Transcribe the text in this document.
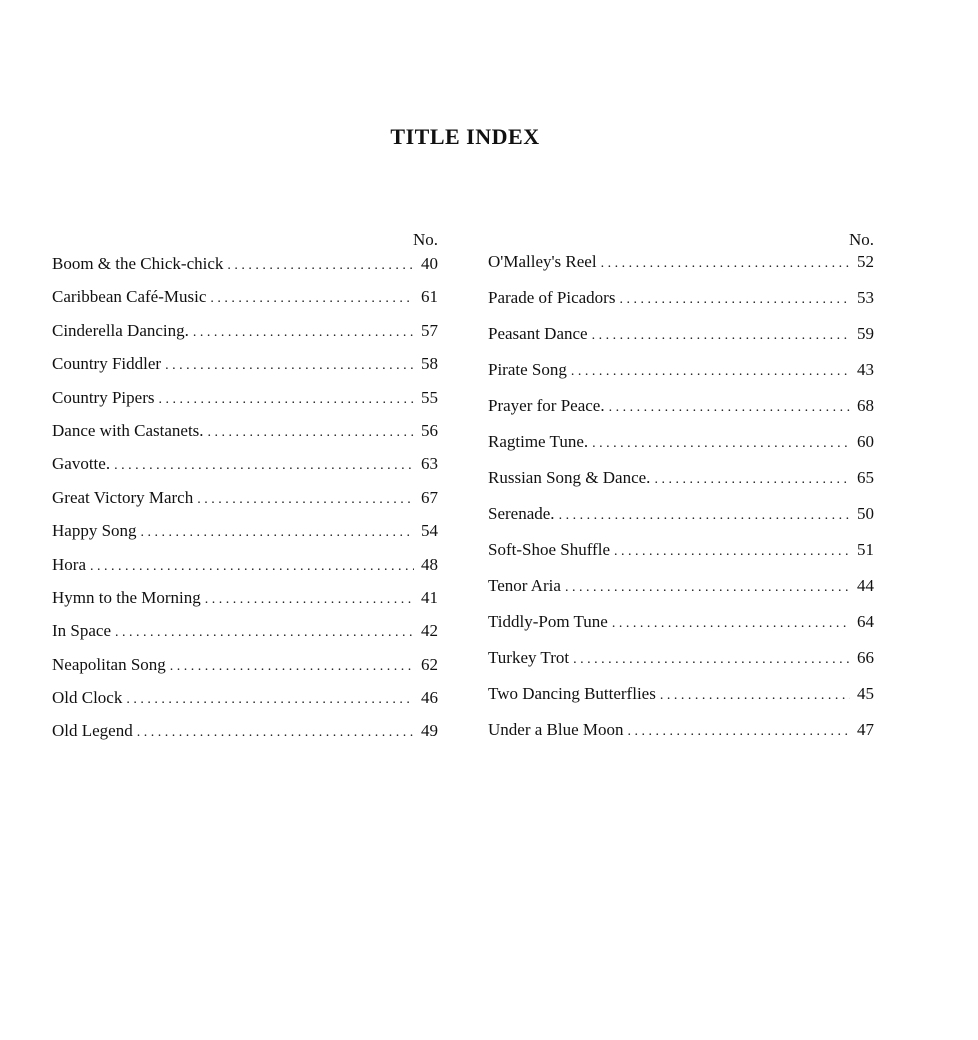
TITLE INDEX
No.
Boom & the Chick-chick . . .	40
Caribbean Café-Music . . .	61
Cinderella Dancing. . . .	57
Country Fiddler . . .	58
Country Pipers . . .	55
Dance with Castanets. . . .	56
Gavotte. . . .	63
Great Victory March . . .	67
Happy Song . . .	54
Hora . . .	48
Hymn to the Morning . . .	41
In Space . . .	42
Neapolitan Song . . .	62
Old Clock . . .	46
Old Legend . . .	49
No.
O'Malley's Reel . . .	52
Parade of Picadors . . .	53
Peasant Dance . . .	59
Pirate Song . . .	43
Prayer for Peace. . . .	68
Ragtime Tune. . . .	60
Russian Song & Dance. . . .	65
Serenade. . . .	50
Soft-Shoe Shuffle . . .	51
Tenor Aria . . .	44
Tiddly-Pom Tune . . .	64
Turkey Trot . . .	66
Two Dancing Butterflies . . .	45
Under a Blue Moon . . .	47
